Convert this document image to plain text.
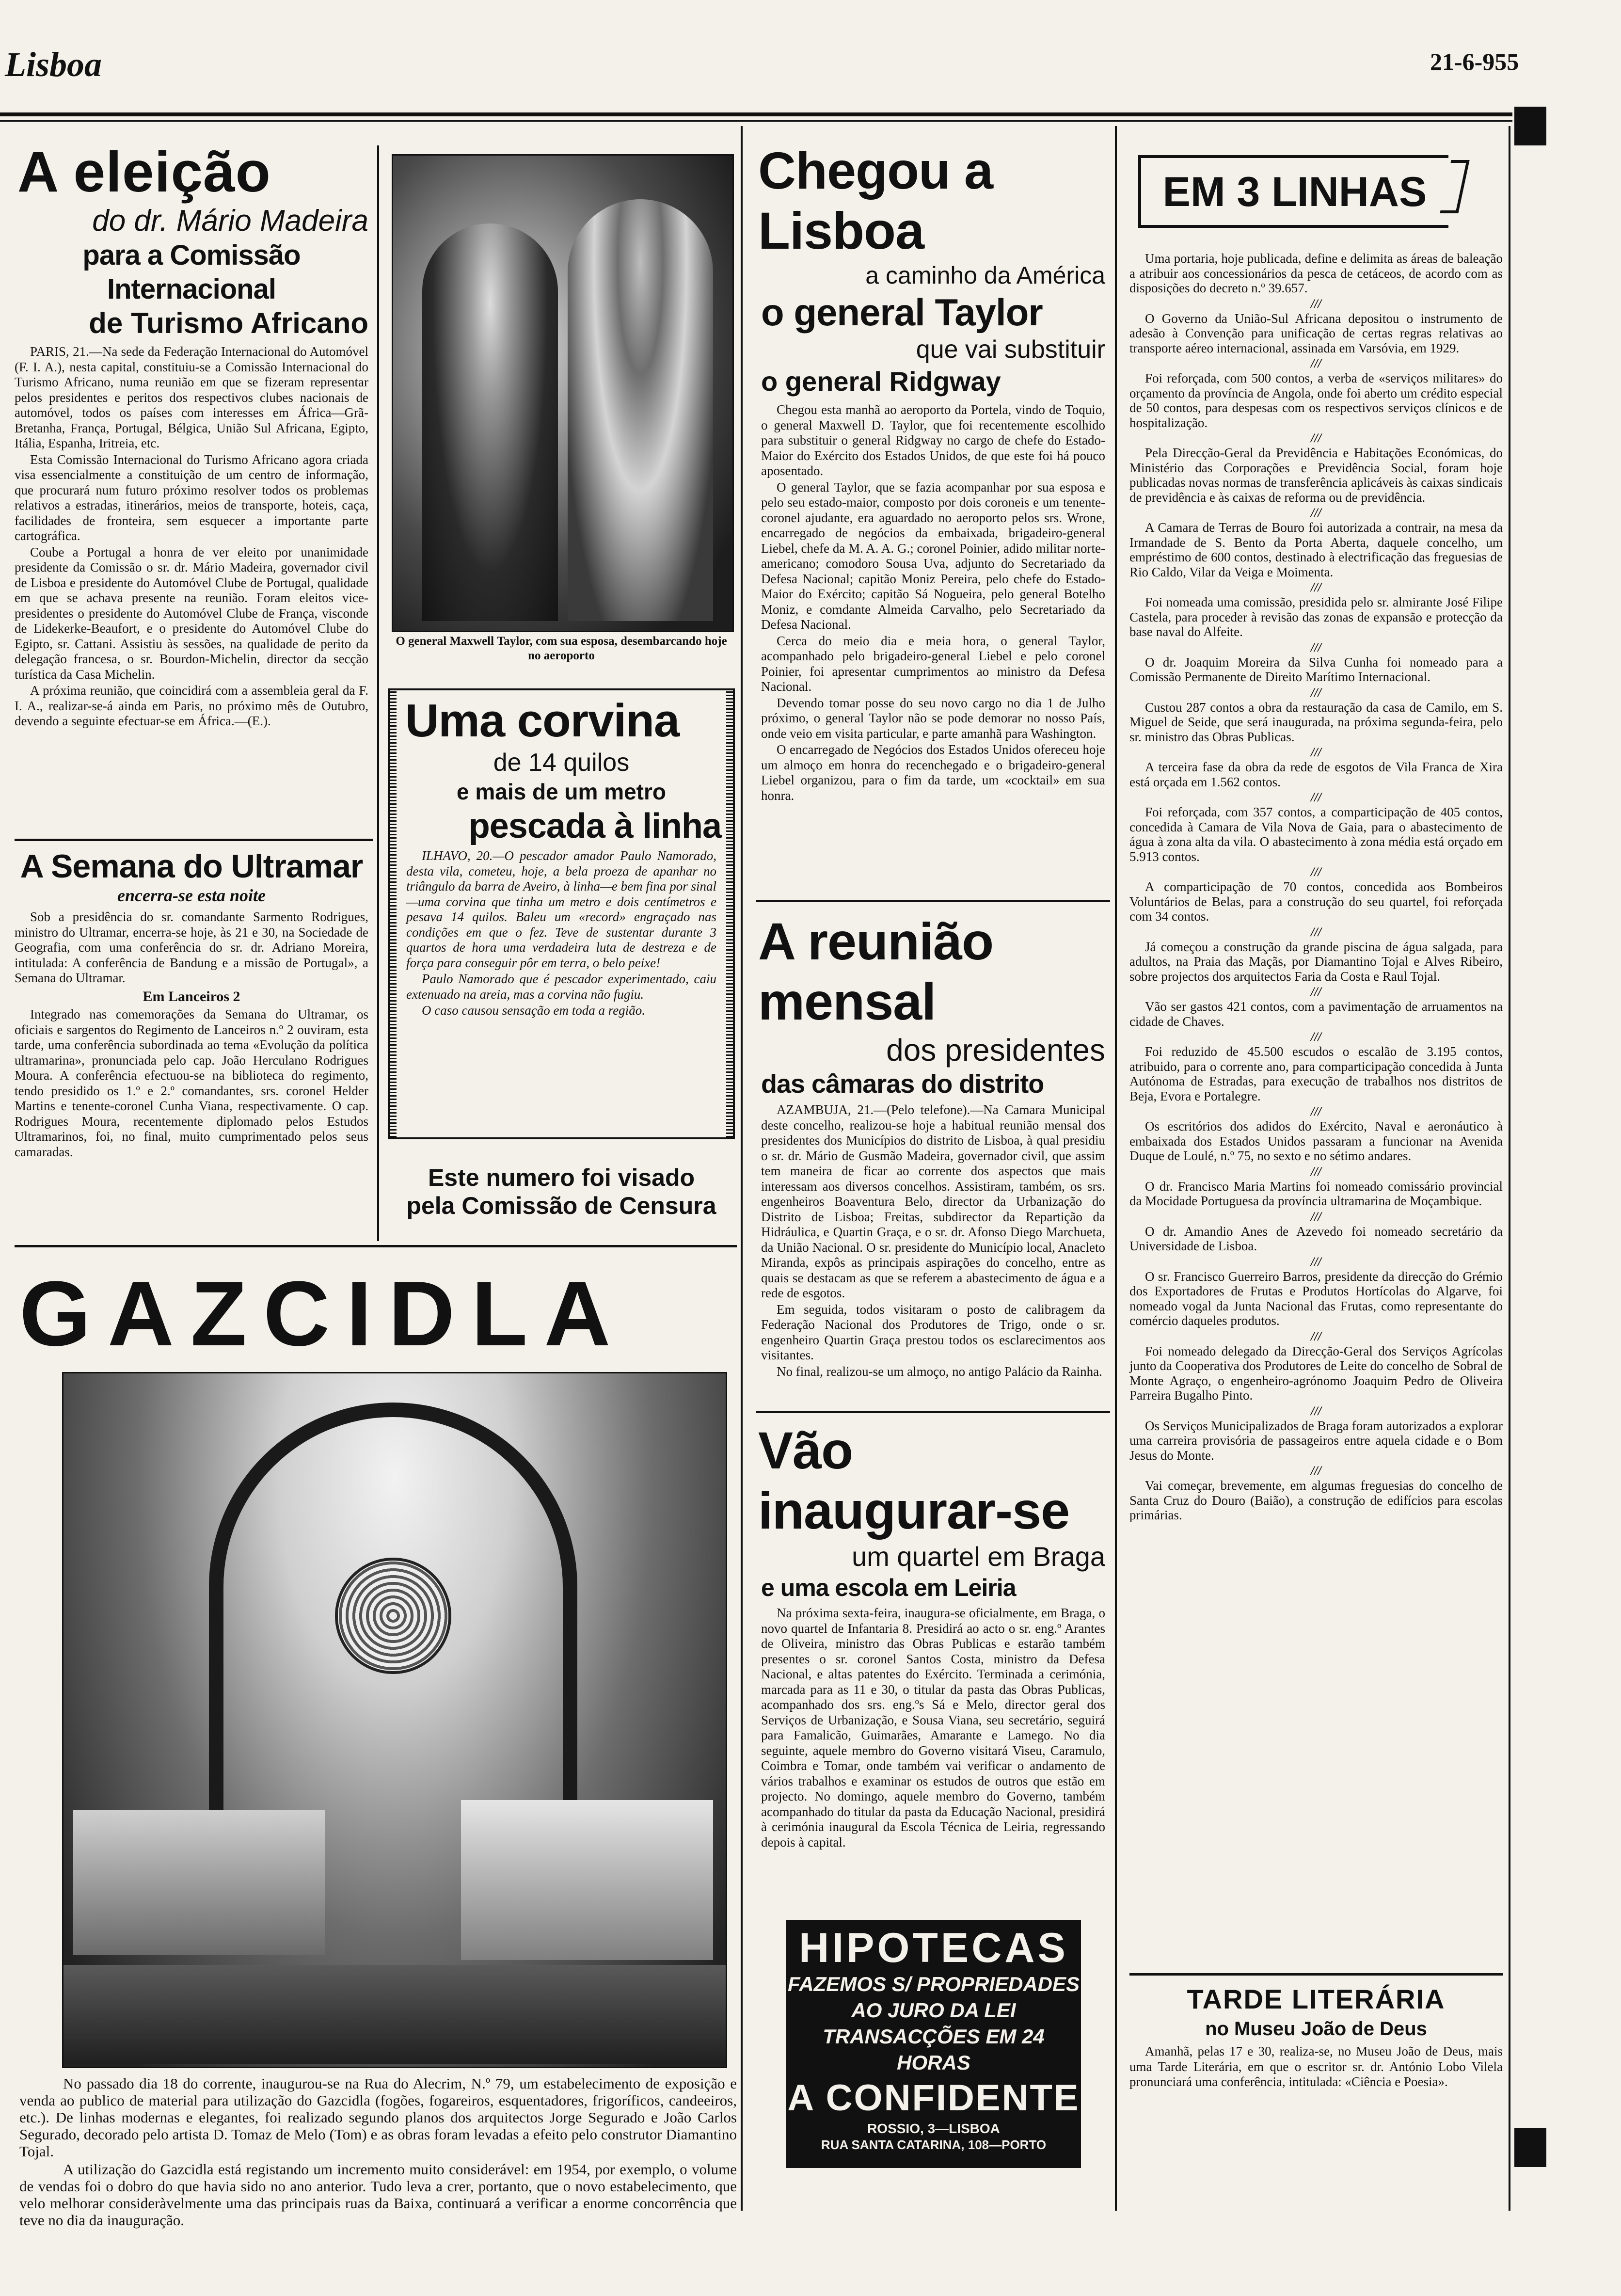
Lisboa	21-6-955
A eleição
do dr. Mário Madeira
para a Comissão Internacional
de Turismo Africano

PARIS, 21.—Na sede da Federação Internacional do Automóvel (F. I. A.), nesta capital, constituiu-se a Comissão Internacional do Turismo Africano, numa reunião em que se fizeram representar pelos presidentes e peritos dos respectivos clubes nacionais de automóvel, todos os países com interesses em África—Grã-Bretanha, França, Portugal, Bélgica, União Sul Africana, Egipto, Itália, Espanha, Iritreia, etc.

Esta Comissão Internacional do Turismo Africano agora criada visa essencialmente a constituição de um centro de informação, que procurará num futuro próximo resolver todos os problemas relativos a estradas, itinerários, meios de transporte, hoteis, caça, facilidades de fronteira, sem esquecer a importante parte cartográfica.

Coube a Portugal a honra de ver eleito por unanimidade presidente da Comissão o sr. dr. Mário Madeira, governador civil de Lisboa e presidente do Automóvel Clube de Portugal, qualidade em que se achava presente na reunião. Foram eleitos vice-presidentes o presidente do Automóvel Clube de França, visconde de Lidekerke-Beaufort, e o presidente do Automóvel Clube do Egipto, sr. Cattani. Assistiu às sessões, na qualidade de perito da delegação francesa, o sr. Bourdon-Michelin, director da secção turística da Casa Michelin.

A próxima reunião, que coincidirá com a assembleia geral da F. I. A., realizar-se-á ainda em Paris, no próximo mês de Outubro, devendo a seguinte efectuar-se em África.—(E.).

A Semana do Ultramar
encerra-se esta noite

Sob a presidência do sr. comandante Sarmento Rodrigues, ministro do Ultramar, encerra-se hoje, às 21 e 30, na Sociedade de Geografia, com uma conferência do sr. dr. Adriano Moreira, intitulada: A conferência de Bandung e a missão de Portugal», a Semana do Ultramar.

Em Lanceiros 2

Integrado nas comemorações da Semana do Ultramar, os oficiais e sargentos do Regimento de Lanceiros n.º 2 ouviram, esta tarde, uma conferência subordinada ao tema «Evolução da política ultramarina», pronunciada pelo cap. João Herculano Rodrigues Moura. A conferência efectuou-se na biblioteca do regimento, tendo presidido os 1.º e 2.º comandantes, srs. coronel Helder Martins e tenente-coronel Cunha Viana, respectivamente. O cap. Rodrigues Moura, recentemente diplomado pelos Estudos Ultramarinos, foi, no final, muito cumprimentado pelos seus camaradas.

O general Maxwell Taylor, com sua esposa, desembarcando hoje no aeroporto
Uma corvina
de 14 quilos
e mais de um metro
pescada à linha

ILHAVO, 20.—O pescador amador Paulo Namorado, desta vila, cometeu, hoje, a bela proeza de apanhar no triângulo da barra de Aveiro, à linha—e bem fina por sinal—uma corvina que tinha um metro e dois centímetros e pesava 14 quilos. Baleu um «record» engraçado nas condições em que o fez. Teve de sustentar durante 3 quartos de hora uma verdadeira luta de destreza e de força para conseguir pôr em terra, o belo peixe!

Paulo Namorado que é pescador experimentado, caiu extenuado na areia, mas a corvina não fugiu.

O caso causou sensação em toda a região.

Este numero foi visado
pela Comissão de Censura
GAZCIDLA

No passado dia 18 do corrente, inaugurou-se na Rua do Alecrim, N.º 79, um estabelecimento de exposição e venda ao publico de material para utilização do Gazcidla (fogões, fogareiros, esquentadores, frigoríficos, candeeiros, etc.). De linhas modernas e elegantes, foi realizado segundo planos dos arquitectos Jorge Segurado e João Carlos Segurado, decorado pelo artista D. Tomaz de Melo (Tom) e as obras foram levadas a efeito pelo construtor Diamantino Tojal.

A utilização do Gazcidla está registando um incremento muito considerável: em 1954, por exemplo, o volume de vendas foi o dobro do que havia sido no ano anterior. Tudo leva a crer, portanto, que o novo estabelecimento, que velo melhorar consideràvelmente uma das principais ruas da Baixa, continuará a verificar a enorme concorrência que teve no dia da inauguração.

Chegou a Lisboa
a caminho da América
o general Taylor
que vai substituir
o general Ridgway

Chegou esta manhã ao aeroporto da Portela, vindo de Toquio, o general Maxwell D. Taylor, que foi recentemente escolhido para substituir o general Ridgway no cargo de chefe do Estado-Maior do Exército dos Estados Unidos, de que este foi há pouco aposentado.

O general Taylor, que se fazia acompanhar por sua esposa e pelo seu estado-maior, composto por dois coroneis e um tenente-coronel ajudante, era aguardado no aeroporto pelos srs. Wrone, encarregado de negócios da embaixada, brigadeiro-general Liebel, chefe da M. A. A. G.; coronel Poinier, adido militar norte-americano; comodoro Sousa Uva, adjunto do Secretariado da Defesa Nacional; capitão Moniz Pereira, pelo chefe do Estado-Maior do Exército; capitão Sá Nogueira, pelo general Botelho Moniz, e comdante Almeida Carvalho, pelo Secretariado da Defesa Nacional.

Cerca do meio dia e meia hora, o general Taylor, acompanhado pelo brigadeiro-general Liebel e pelo coronel Poinier, foi apresentar cumprimentos ao ministro da Defesa Nacional.

Devendo tomar posse do seu novo cargo no dia 1 de Julho próximo, o general Taylor não se pode demorar no nosso País, onde veio em visita particular, e parte amanhã para Washington.

O encarregado de Negócios dos Estados Unidos ofereceu hoje um almoço em honra do recenchegado e o brigadeiro-general Liebel organizou, para o fim da tarde, um «cocktail» em sua honra.

A reunião mensal
dos presidentes
das câmaras do distrito

AZAMBUJA, 21.—(Pelo telefone).—Na Camara Municipal deste concelho, realizou-se hoje a habitual reunião mensal dos presidentes dos Municípios do distrito de Lisboa, à qual presidiu o sr. dr. Mário de Gusmão Madeira, governador civil, que assim tem maneira de ficar ao corrente dos aspectos que mais interessam aos diversos concelhos. Assistiram, também, os srs. engenheiros Boaventura Belo, director da Urbanização do Distrito de Lisboa; Freitas, subdirector da Repartição da Hidráulica, e Quartin Graça, e o sr. dr. Afonso Diego Marchueta, da União Nacional. O sr. presidente do Município local, Anacleto Miranda, expôs as principais aspirações do concelho, entre as quais se destacam as que se referem a abastecimento de água e a rede de esgotos.

Em seguida, todos visitaram o posto de calibragem da Federação Nacional dos Produtores de Trigo, onde o sr. engenheiro Quartin Graça prestou todos os esclarecimentos aos visitantes.

No final, realizou-se um almoço, no antigo Palácio da Rainha.

Vão inaugurar-se
um quartel em Braga
e uma escola em Leiria

Na próxima sexta-feira, inaugura-se oficialmente, em Braga, o novo quartel de Infantaria 8. Presidirá ao acto o sr. eng.º Arantes de Oliveira, ministro das Obras Publicas e estarão também presentes o sr. coronel Santos Costa, ministro da Defesa Nacional, e altas patentes do Exército. Terminada a cerimónia, marcada para as 11 e 30, o titular da pasta das Obras Publicas, acompanhado dos srs. eng.ºs Sá e Melo, director geral dos Serviços de Urbanização, e Sousa Viana, seu secretário, seguirá para Famalicão, Guimarães, Amarante e Lamego. No dia seguinte, aquele membro do Governo visitará Viseu, Caramulo, Coimbra e Tomar, onde também vai verificar o andamento de vários trabalhos e examinar os estudos de outros que estão em projecto. No domingo, aquele membro do Governo, também acompanhado do titular da pasta da Educação Nacional, presidirá à cerimónia inaugural da Escola Técnica de Leiria, regressando depois à capital.

HIPOTECAS
FAZEMOS S/ PROPRIEDADES
AO JURO DA LEI
TRANSACÇÕES EM 24 HORAS
A CONFIDENTE
ROSSIO, 3—LISBOA
RUA SANTA CATARINA, 108—PORTO
EM 3 LINHAS

Uma portaria, hoje publicada, define e delimita as áreas de baleação a atribuir aos concessionários da pesca de cetáceos, de acordo com as disposições do decreto n.º 39.657.

///

O Governo da União-Sul Africana depositou o instrumento de adesão à Convenção para unificação de certas regras relativas ao transporte aéreo internacional, assinada em Varsóvia, em 1929.

///

Foi reforçada, com 500 contos, a verba de «serviços militares» do orçamento da província de Angola, onde foi aberto um crédito especial de 50 contos, para despesas com os respectivos serviços clínicos e de hospitalização.

///

Pela Direcção-Geral da Previdência e Habitações Económicas, do Ministério das Corporações e Previdência Social, foram hoje publicadas novas normas de transferência aplicáveis às caixas sindicais de previdência e às caixas de reforma ou de previdência.

///

A Camara de Terras de Bouro foi autorizada a contrair, na mesa da Irmandade de S. Bento da Porta Aberta, daquele concelho, um empréstimo de 600 contos, destinado à electrificação das freguesias de Rio Caldo, Vilar da Veiga e Moimenta.

///

Foi nomeada uma comissão, presidida pelo sr. almirante José Filipe Castela, para proceder à revisão das zonas de expansão e protecção da base naval do Alfeite.

///

O dr. Joaquim Moreira da Silva Cunha foi nomeado para a Comissão Permanente de Direito Marítimo Internacional.

///

Custou 287 contos a obra da restauração da casa de Camilo, em S. Miguel de Seide, que será inaugurada, na próxima segunda-feira, pelo sr. ministro das Obras Publicas.

///

A terceira fase da obra da rede de esgotos de Vila Franca de Xira está orçada em 1.562 contos.

///

Foi reforçada, com 357 contos, a comparticipação de 405 contos, concedida à Camara de Vila Nova de Gaia, para o abastecimento de água à zona alta da vila. O abastecimento à zona média está orçado em 5.913 contos.

///

A comparticipação de 70 contos, concedida aos Bombeiros Voluntários de Belas, para a construção do seu quartel, foi reforçada com 34 contos.

///

Já começou a construção da grande piscina de água salgada, para adultos, na Praia das Maçãs, por Diamantino Tojal e Alves Ribeiro, sobre projectos dos arquitectos Faria da Costa e Raul Tojal.

///

Vão ser gastos 421 contos, com a pavimentação de arruamentos na cidade de Chaves.

///

Foi reduzido de 45.500 escudos o escalão de 3.195 contos, atribuido, para o corrente ano, para comparticipação concedida à Junta Autónoma de Estradas, para execução de trabalhos nos distritos de Beja, Evora e Portalegre.

///

Os escritórios dos adidos do Exército, Naval e aeronáutico à embaixada dos Estados Unidos passaram a funcionar na Avenida Duque de Loulé, n.º 75, no sexto e no sétimo andares.

///

O dr. Francisco Maria Martins foi nomeado comissário provincial da Mocidade Portuguesa da província ultramarina de Moçambique.

///

O dr. Amandio Anes de Azevedo foi nomeado secretário da Universidade de Lisboa.

///

O sr. Francisco Guerreiro Barros, presidente da direcção do Grémio dos Exportadores de Frutas e Produtos Hortícolas do Algarve, foi nomeado vogal da Junta Nacional das Frutas, como representante do comércio daqueles produtos.

///

Foi nomeado delegado da Direcção-Geral dos Serviços Agrícolas junto da Cooperativa dos Produtores de Leite do concelho de Sobral de Monte Agraço, o engenheiro-agrónomo Joaquim Pedro de Oliveira Parreira Bugalho Pinto.

///

Os Serviços Municipalizados de Braga foram autorizados a explorar uma carreira provisória de passageiros entre aquela cidade e o Bom Jesus do Monte.

///

Vai começar, brevemente, em algumas freguesias do concelho de Santa Cruz do Douro (Baião), a construção de edifícios para escolas primárias.

TARDE LITERÁRIA
no Museu João de Deus

Amanhã, pelas 17 e 30, realiza-se, no Museu João de Deus, mais uma Tarde Literária, em que o escritor sr. dr. António Lobo Vilela pronunciará uma conferência, intitulada: «Ciência e Poesia».
